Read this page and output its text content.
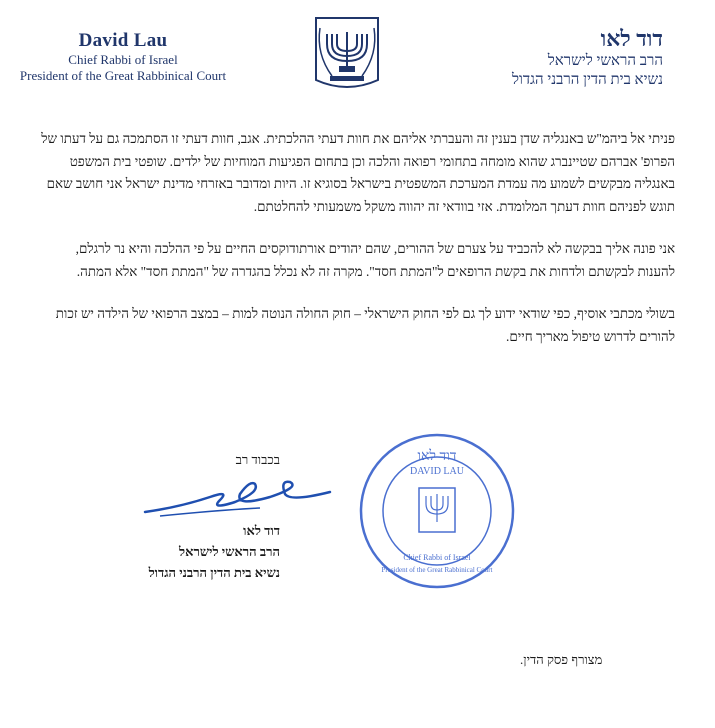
David Lau
Chief Rabbi of Israel
President of the Great Rabbinical Court
דוד לאו
הרב הראשי לישראל
נשיא בית הדין הרבני הגדול

פניתי אל ביהמ"ש באנגליה שדן בענין זה והעברתי אליהם את חוות דעתי ההלכתית. אגב, חוות דעתי זו הסתמכה גם על דעתו של הפרופ' אברהם שטיינברג שהוא מומחה בתחומי רפואה והלכה וכן בתחום הפגיעות המוחיות של ילדים. שופטי בית המשפט באנגליה מבקשים לשמוע מה עמדת המערכת המשפטית בישראל בסוגיא זו. היות ומדובר באזרחי מדינת ישראל אני חושב שאם תוגש לפניהם חוות דעתך המלומדת. אזי בוודאי זה יהווה משקל משמעותי להחלטתם.

אני פונה אליך בבקשה לא להכביד על צערם של ההורים, שהם יהודים אורתודוקסים החיים על פי ההלכה והיא נר לרגלם, להענות לבקשתם ולדחות את בקשת הרופאים ל"המתת חסד". מקרה זה לא נכלל בהגדרה של "המתת חסד" אלא המתה.

בשולי מכתבי אוסיף, כפי שודאי ידוע לך גם לפי החוק הישראלי – חוק החולה הנוטה למות – במצב הרפואי של הילדה יש זכות להורים לדרוש טיפול מאריך חיים.

בכבוד רב
דוד לאו
הרב הראשי לישראל
נשיא בית הדין הרבני הגדול
דוד לאו
DAVID LAU
Chief Rabbi of Israel
President of the Great Rabbinical Court
מצורף פסק הדין.
